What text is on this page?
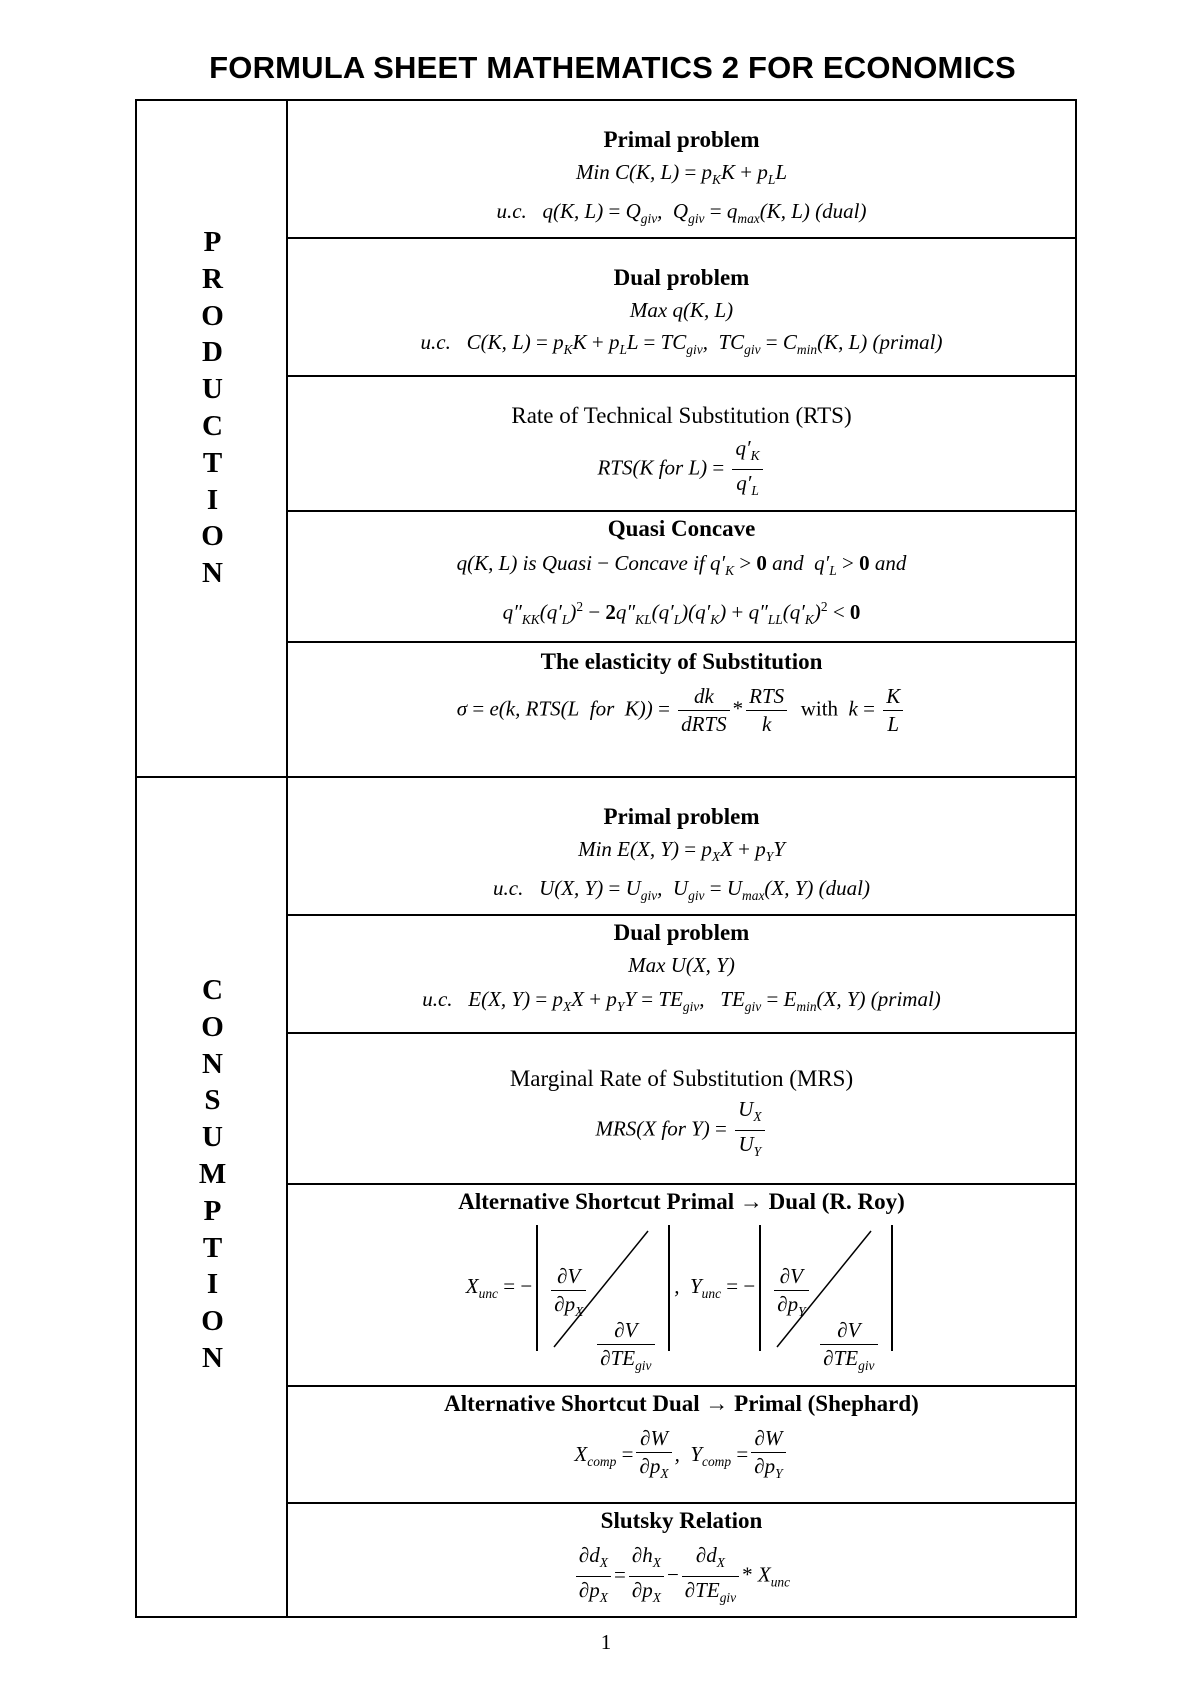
FORMULA SHEET MATHEMATICS 2 FOR ECONOMICS
P
R
O
D
U
C
T
I
O
N
C
O
N
S
U
M
P
T
I
O
N
Primal problem
Min C(K, $L) = p_KK + p_LL$
u.c.   q(K, $L) = Q_{giv}$,  $Q_{giv} = q_{max}(K$, L) (dual)
Dual problem
Max q(K, L)
u.c.   C(K, $L) = p_KK + p_LL = TC_{giv}$,  $TC_{giv} = C_{min}(K$, L) (primal)
Rate of Technical Substitution (RTS)
RTS(K for $L) = \frac{q'_K}{q'_L}$
Quasi Concave
q(K, L) is Quasi − Concave if $q'_K > 0$ and  $q'_L > 0$ and
$q''_{KK}(q'_L)^2 - 2q''_{KL}(q'_L)(q'_K) + q''_{LL}(q'_K)^2 < 0$
The elasticity of Substitution
σ = e(k, RTS(L  for  $K)) = \frac{dk}{\text{dRTS}} * \frac{\text{RTS}}{k}$ with  $k = \frac{K}{L}$
Primal problem
Min E(X, $Y) = p_XX + p_YY$
u.c.   U(X, $Y) = U_{giv}$,  $U_{giv} = U_{max}(X$, Y) (dual)
Dual problem
Max U(X, Y)
u.c.   E(X, $Y) = p_XX + p_YY = TE_{giv}$,   $TE_{giv} = E_{min}(X$, Y) (primal)
Marginal Rate of Substitution (MRS)
MRS(X for $Y) = \frac{U_X}{U_Y}$
Alternative Shortcut Primal → Dual (R. Roy)
$X_{unc}$ = − $\frac{\partial V}{\partial p_X}$
$\frac{\partial V}{\partial TE_{giv}}$
,  $Y_{unc}$ = − $\frac{\partial V}{\partial p_Y}$
$\frac{\partial V}{\partial TE_{giv}}$
Alternative Shortcut Dual → Primal (Shephard)
$X_{comp} = \frac{\partial W}{\partial p_X}$ ,  $Y_{comp} = \frac{\partial W}{\partial p_Y}$
Slutsky Relation
$\frac{\partial d_X}{\partial p_X} = \frac{\partial h_X}{\partial p_X} - \frac{\partial d_X}{\partial TE_{giv}} * X_{unc}$
1
